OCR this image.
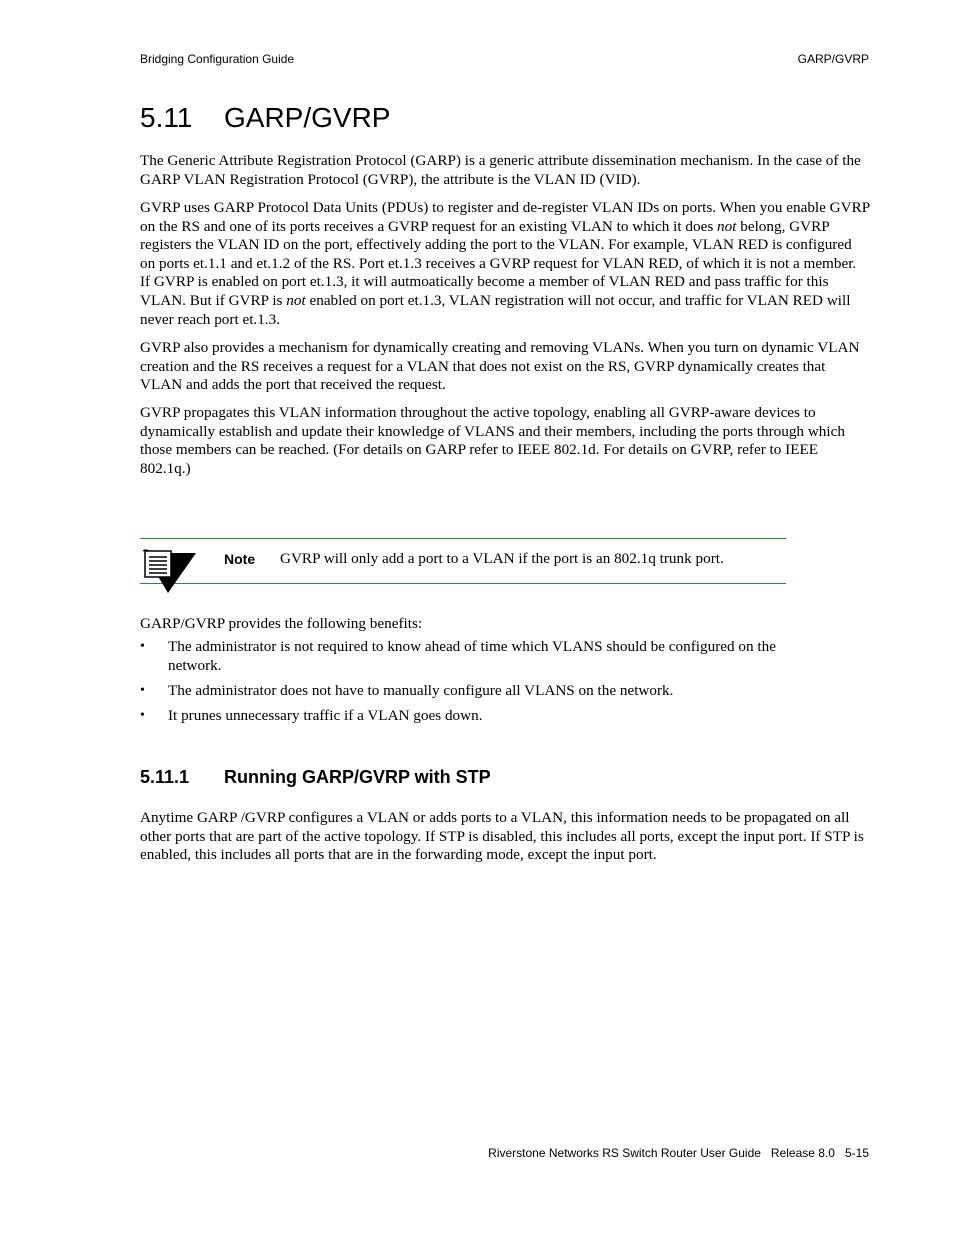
Bridging Configuration Guide	GARP/GVRP
5.11 GARP/GVRP

The Generic Attribute Registration Protocol (GARP) is a generic attribute dissemination mechanism. In the case of the GARP VLAN Registration Protocol (GVRP), the attribute is the VLAN ID (VID).

GVRP uses GARP Protocol Data Units (PDUs) to register and de-register VLAN IDs on ports. When you enable GVRP on the RS and one of its ports receives a GVRP request for an existing VLAN to which it does not belong, GVRP registers the VLAN ID on the port, effectively adding the port to the VLAN. For example, VLAN RED is configured on ports et.1.1 and et.1.2 of the RS. Port et.1.3 receives a GVRP request for VLAN RED, of which it is not a member. If GVRP is enabled on port et.1.3, it will autmoatically become a member of VLAN RED and pass traffic for this VLAN. But if GVRP is not enabled on port et.1.3, VLAN registration will not occur, and traffic for VLAN RED will never reach port et.1.3.

GVRP also provides a mechanism for dynamically creating and removing VLANs. When you turn on dynamic VLAN creation and the RS receives a request for a VLAN that does not exist on the RS, GVRP dynamically creates that VLAN and adds the port that received the request.

GVRP propagates this VLAN information throughout the active topology, enabling all GVRP-aware devices to dynamically establish and update their knowledge of VLANS and their members, including the ports through which those members can be reached. (For details on GARP refer to IEEE 802.1d. For details on GVRP, refer to IEEE 802.1q.)

Note GVRP will only add a port to a VLAN if the port is an 802.1q trunk port.

GARP/GVRP provides the following benefits:

• The administrator is not required to know ahead of time which VLANS should be configured on the network.
• The administrator does not have to manually configure all VLANS on the network.
• It prunes unnecessary traffic if a VLAN goes down.
5.11.1 Running GARP/GVRP with STP

Anytime GARP /GVRP configures a VLAN or adds ports to a VLAN, this information needs to be propagated on all other ports that are part of the active topology. If STP is disabled, this includes all ports, except the input port. If STP is enabled, this includes all ports that are in the forwarding mode, except the input port.

Riverstone Networks RS Switch Router User Guide Release 8.0 5-15
